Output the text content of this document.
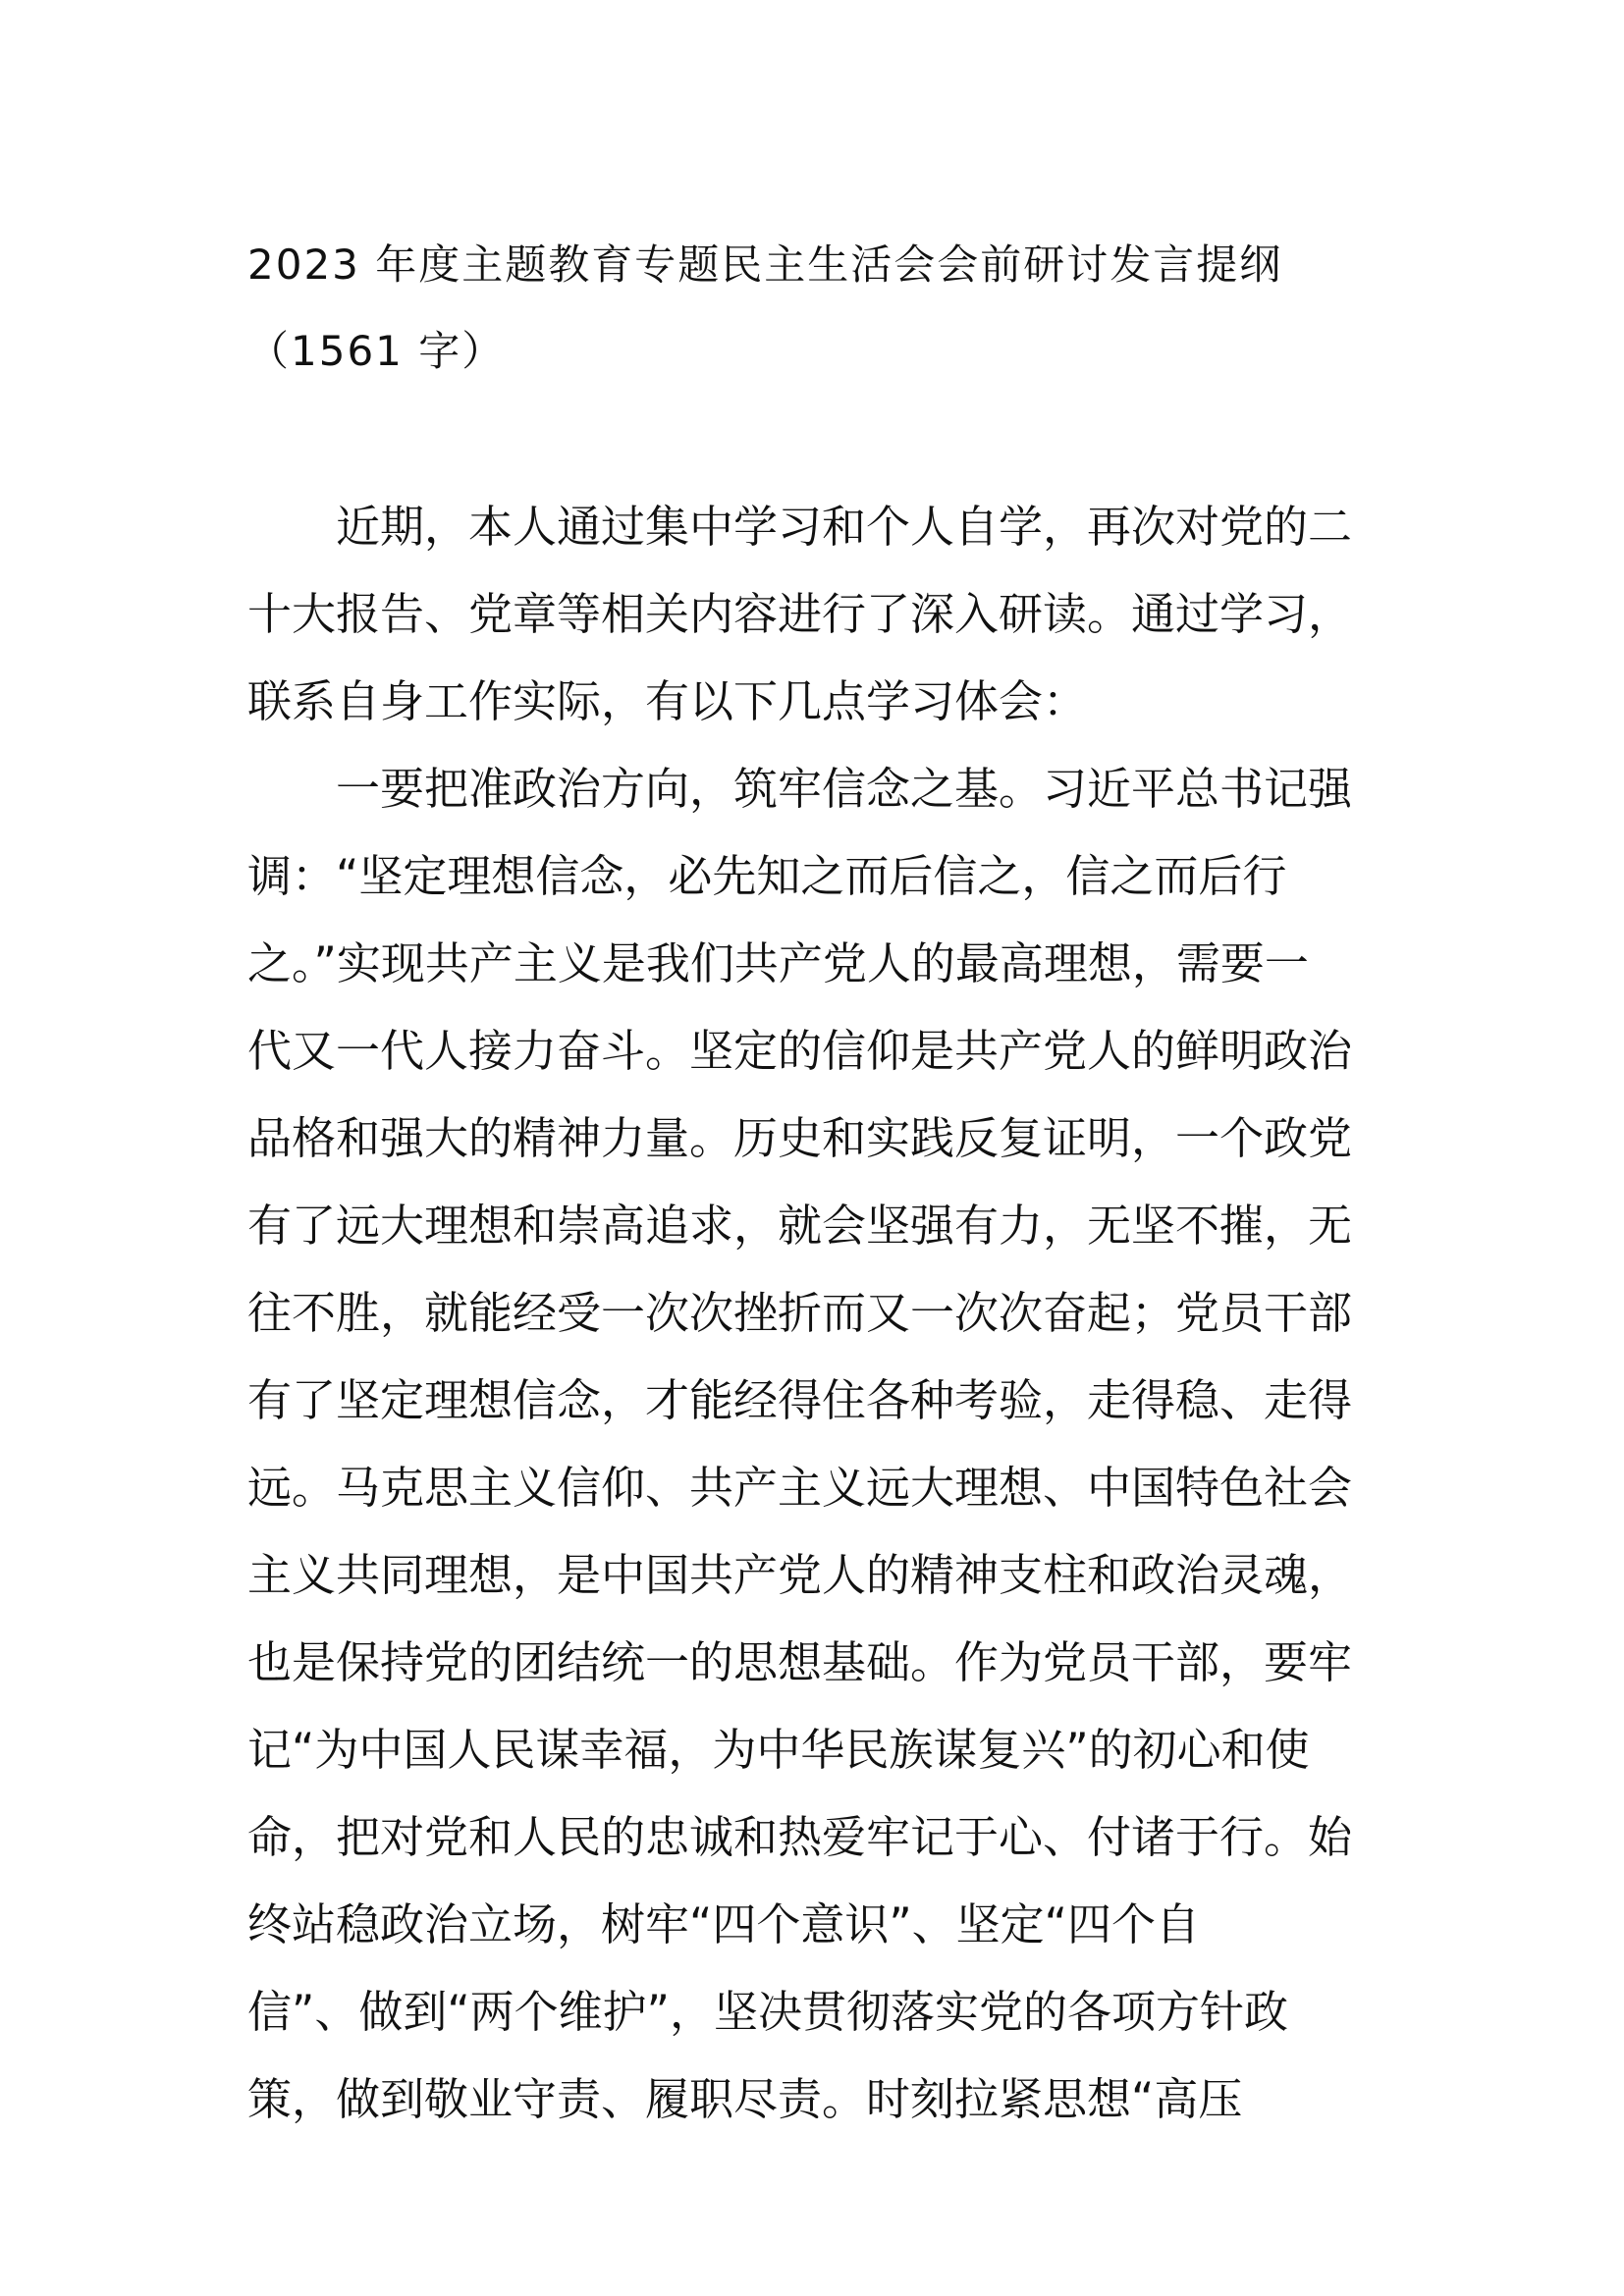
2023 年度主题教育专题民主生活会会前研讨发言提纲
（1561 字）
近期，本人通过集中学习和个人自学，再次对党的二
十大报告、党章等相关内容进行了深入研读。通过学习，
联系自身工作实际，有以下几点学习体会：
一要把准政治方向，筑牢信念之基。习近平总书记强
调：“坚定理想信念，必先知之而后信之，信之而后行
之。”实现共产主义是我们共产党人的最高理想，需要一
代又一代人接力奋斗。坚定的信仰是共产党人的鲜明政治
品格和强大的精神力量。历史和实践反复证明，一个政党
有了远大理想和崇高追求，就会坚强有力，无坚不摧，无
往不胜，就能经受一次次挫折而又一次次奋起；党员干部
有了坚定理想信念，才能经得住各种考验，走得稳、走得
远。马克思主义信仰、共产主义远大理想、中国特色社会
主义共同理想，是中国共产党人的精神支柱和政治灵魂，
也是保持党的团结统一的思想基础。作为党员干部，要牢
记“为中国人民谋幸福，为中华民族谋复兴”的初心和使
命，把对党和人民的忠诚和热爱牢记于心、付诸于行。始
终站稳政治立场，树牢“四个意识”、坚定“四个自
信”、做到“两个维护”，坚决贯彻落实党的各项方针政
策，做到敬业守责、履职尽责。时刻拉紧思想“高压
